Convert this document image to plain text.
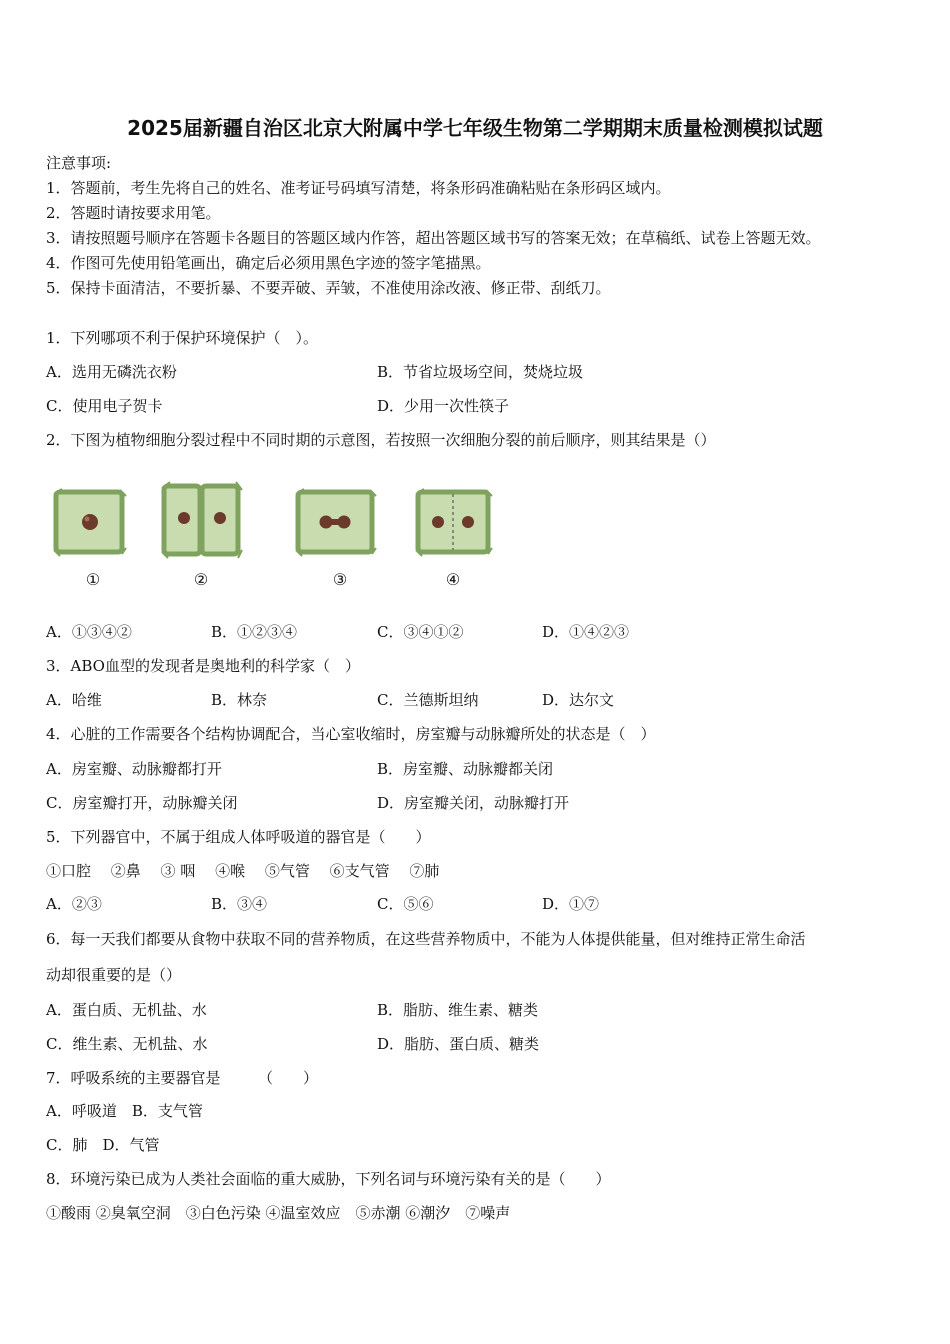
2025届新疆自治区北京大附属中学七年级生物第二学期期末质量检测模拟试题
注意事项:
1．答题前，考生先将自己的姓名、准考证号码填写清楚，将条形码准确粘贴在条形码区域内。
2．答题时请按要求用笔。
3．请按照题号顺序在答题卡各题目的答题区域内作答，超出答题区域书写的答案无效；在草稿纸、试卷上答题无效。
4．作图可先使用铅笔画出，确定后必须用黑色字迹的签字笔描黑。
5．保持卡面清洁，不要折暴、不要弄破、弄皱，不准使用涂改液、修正带、刮纸刀。
1．下列哪项不利于保护环境保护（　）。
A．选用无磷洗衣粉	B．节省垃圾场空间，焚烧垃圾
C．使用电子贺卡	D．少用一次性筷子
2．下图为植物细胞分裂过程中不同时期的示意图，若按照一次细胞分裂的前后顺序，则其结果是（）
①	②	③	④
A．①③④②	B．①②③④	C．③④①②	D．①④②③
3．ABO血型的发现者是奥地利的科学家（　）
A．哈维	B．林奈	C．兰德斯坦纳	D．达尔文
4．心脏的工作需要各个结构协调配合，当心室收缩时，房室瓣与动脉瓣所处的状态是（　）
A．房室瓣、动脉瓣都打开	B．房室瓣、动脉瓣都关闭
C．房室瓣打开，动脉瓣关闭	D．房室瓣关闭，动脉瓣打开
5．下列器官中，不属于组成人体呼吸道的器官是（　　）
①口腔　 ②鼻　 ③ 咽　 ④喉　 ⑤气管　 ⑥支气管　 ⑦肺
A．②③	B．③④	C．⑤⑥	D．①⑦
6．每一天我们都要从食物中获取不同的营养物质，在这些营养物质中，不能为人体提供能量，但对维持正常生命活
动却很重要的是（）
A．蛋白质、无机盐、水	B．脂肪、维生素、糖类
C．维生素、无机盐、水	D．脂肪、蛋白质、糖类
7．呼吸系统的主要器官是　　　（　　）
A．呼吸道　B．支气管
C．肺　D．气管
8．环境污染已成为人类社会面临的重大威胁，下列名词与环境污染有关的是（　　）
①酸雨 ②臭氧空洞　③白色污染 ④温室效应　⑤赤潮 ⑥潮汐　⑦噪声
